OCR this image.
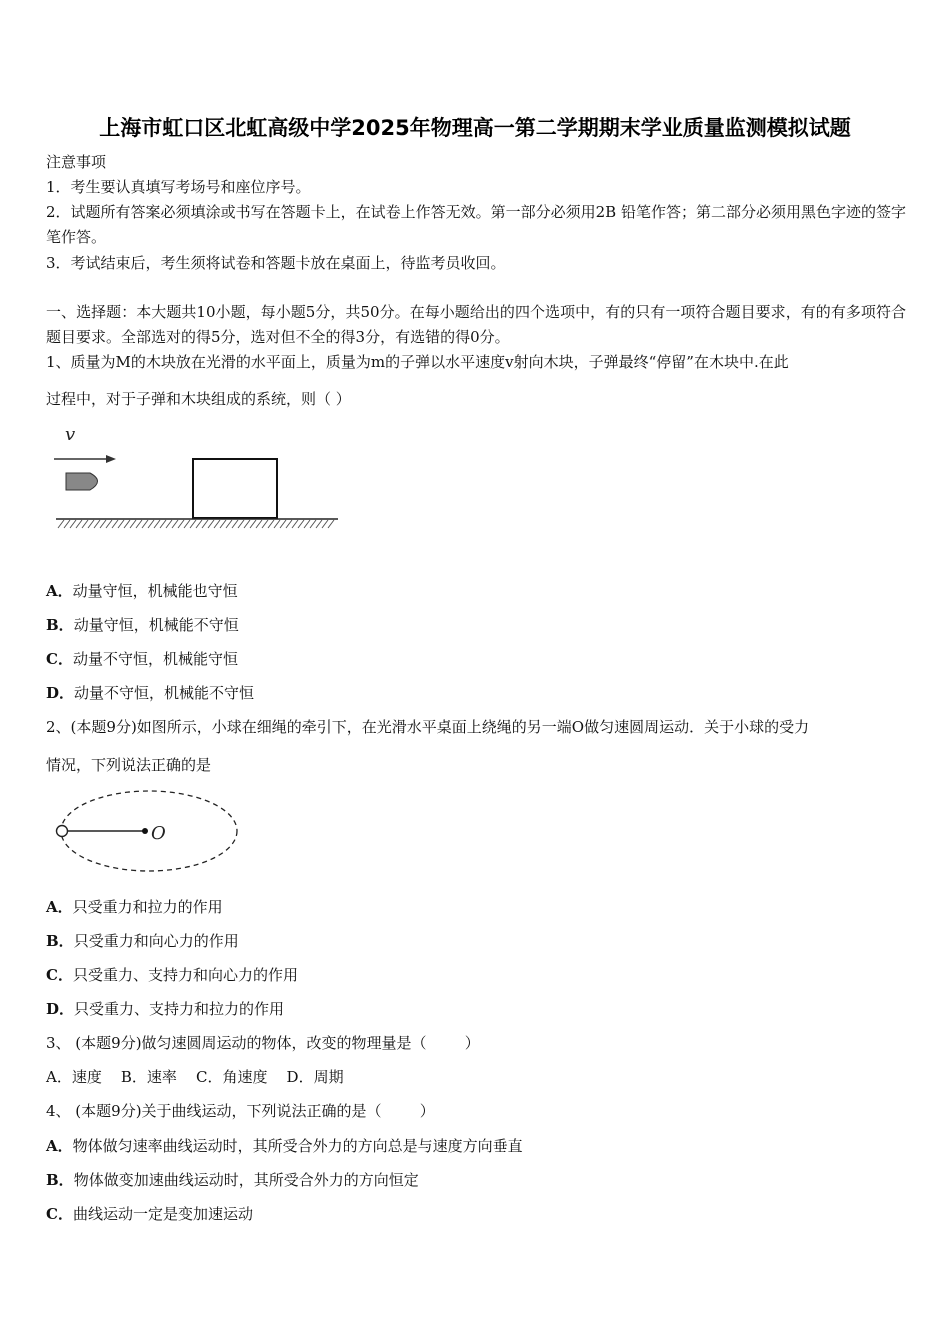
上海市虹口区北虹高级中学2025年物理高一第二学期期末学业质量监测模拟试题
注意事项
1．考生要认真填写考场号和座位序号。
2．试题所有答案必须填涂或书写在答题卡上，在试卷上作答无效。第一部分必须用2B 铅笔作答；第二部分必须用黑色字迹的签字笔作答。
3．考试结束后，考生须将试卷和答题卡放在桌面上，待监考员收回。
一、选择题：本大题共10小题，每小题5分，共50分。在每小题给出的四个选项中，有的只有一项符合题目要求，有的有多项符合题目要求。全部选对的得5分，选对但不全的得3分，有选错的得0分。
1、质量为M的木块放在光滑的水平面上，质量为m的子弹以水平速度v射向木块，子弹最终“停留”在木块中.在此
过程中，对于子弹和木块组成的系统，则（ ）
v
A．动量守恒，机械能也守恒
B．动量守恒，机械能不守恒
C．动量不守恒，机械能守恒
D．动量不守恒，机械能不守恒
2、(本题9分)如图所示，小球在细绳的牵引下，在光滑水平桌面上绕绳的另一端O做匀速圆周运动．关于小球的受力
情况，下列说法正确的是
O
A．只受重力和拉力的作用
B．只受重力和向心力的作用
C．只受重力、支持力和向心力的作用
D．只受重力、支持力和拉力的作用
3、 (本题9分)做匀速圆周运动的物体，改变的物理量是（        ）
A．速度    B．速率    C．角速度    D．周期
4、 (本题9分)关于曲线运动，下列说法正确的是（        ）
A．物体做匀速率曲线运动时，其所受合外力的方向总是与速度方向垂直
B．物体做变加速曲线运动时，其所受合外力的方向恒定
C．曲线运动一定是变加速运动
